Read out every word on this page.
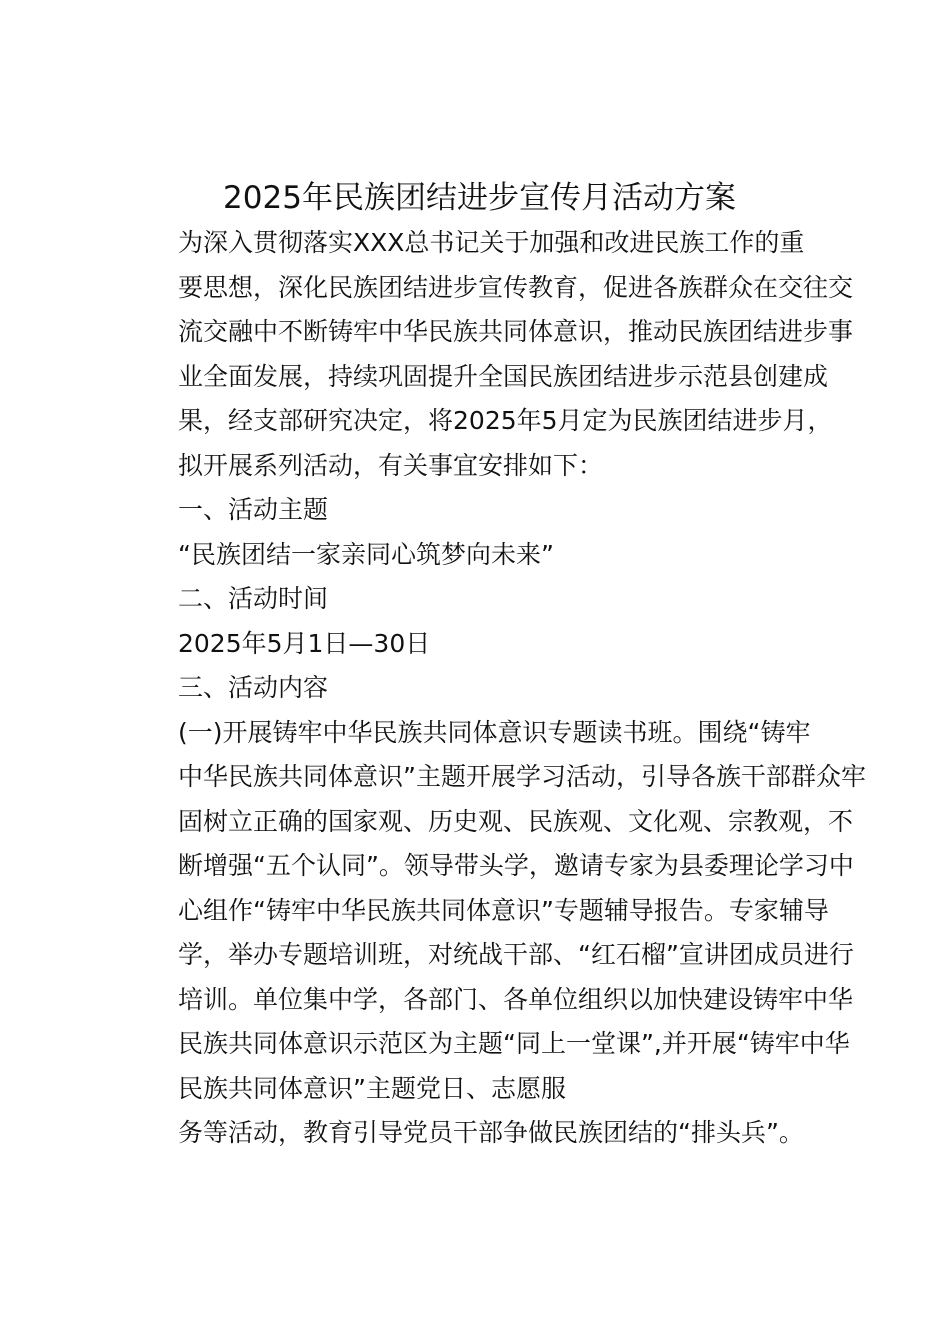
2025年民族团结进步宣传月活动方案

为深入贯彻落实XXX总书记关于加强和改进民族工作的重
要思想，深化民族团结进步宣传教育，促进各族群众在交往交
流交融中不断铸牢中华民族共同体意识，推动民族团结进步事
业全面发展，持续巩固提升全国民族团结进步示范县创建成
果，经支部研究决定，将2025年5月定为民族团结进步月，
拟开展系列活动，有关事宜安排如下：

一、活动主题

“民族团结一家亲同心筑梦向未来”

二、活动时间

2025年5月1日—30日

三、活动内容

(一)开展铸牢中华民族共同体意识专题读书班。围绕“铸牢
中华民族共同体意识”主题开展学习活动，引导各族干部群众牢
固树立正确的国家观、历史观、民族观、文化观、宗教观，不
断增强“五个认同”。领导带头学，邀请专家为县委理论学习中
心组作“铸牢中华民族共同体意识”专题辅导报告。专家辅导
学，举办专题培训班，对统战干部、“红石榴”宣讲团成员进行
培训。单位集中学，各部门、各单位组织以加快建设铸牢中华
民族共同体意识示范区为主题“同上一堂课”,并开展“铸牢中华
民族共同体意识”主题党日、志愿服

务等活动，教育引导党员干部争做民族团结的“排头兵”。
